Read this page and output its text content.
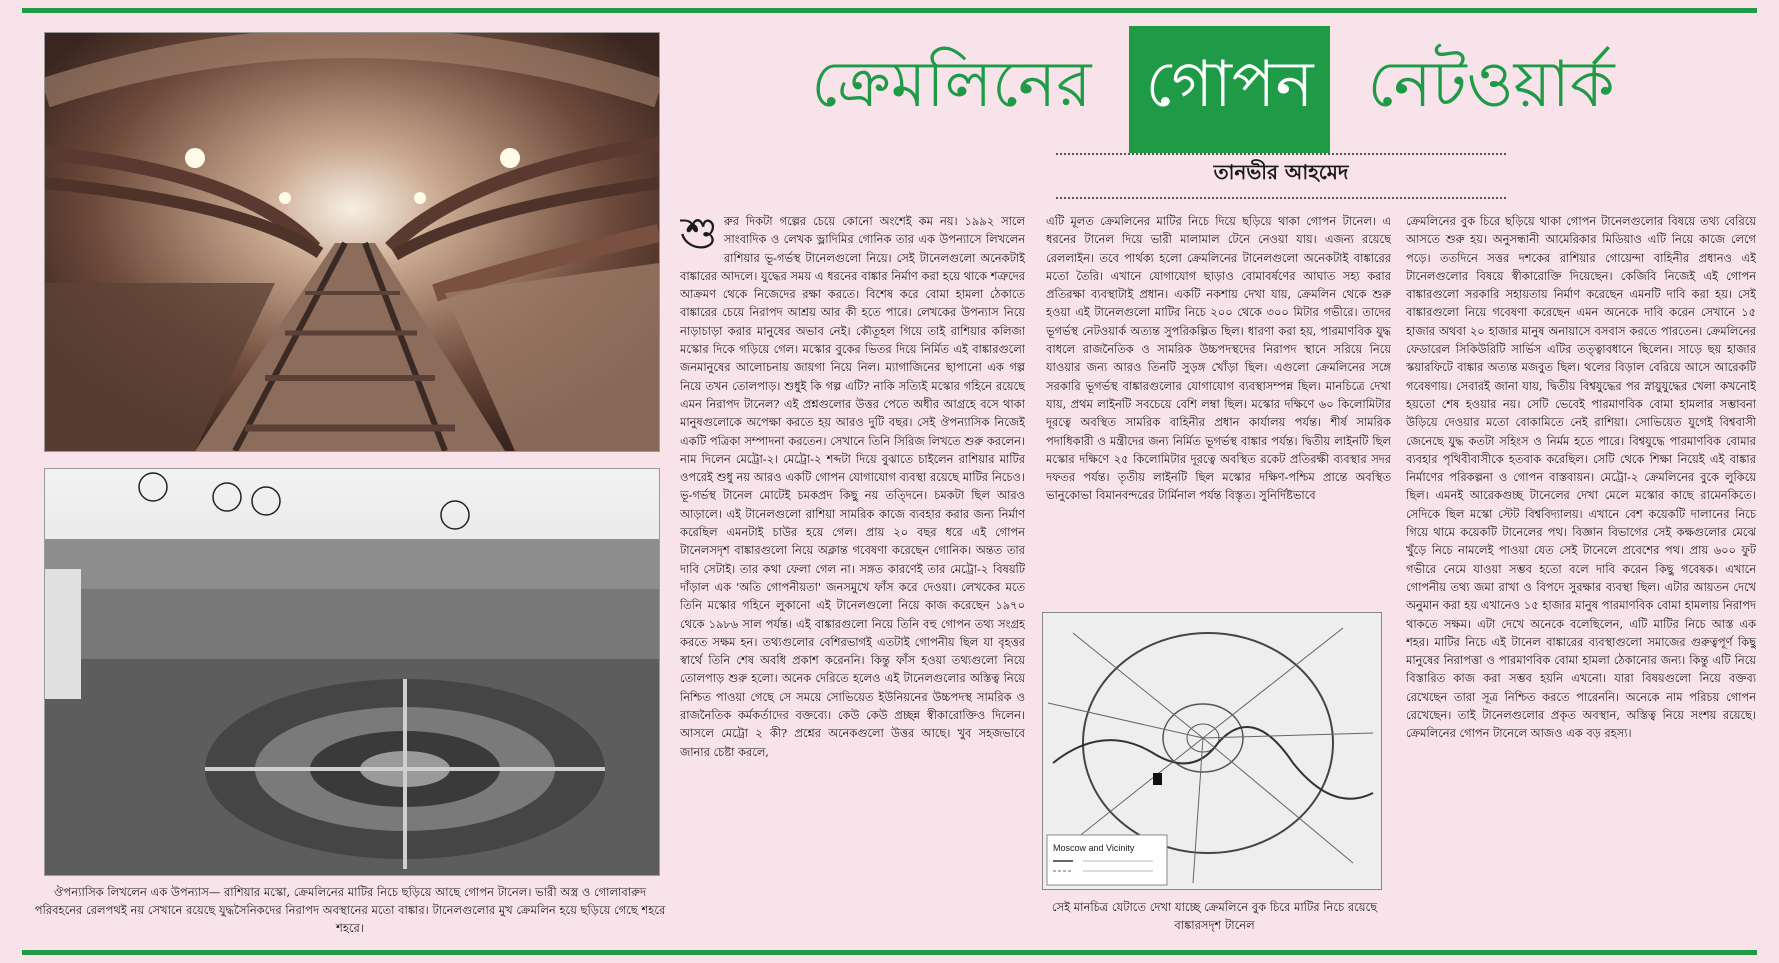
ঔপন্যাসিক লিখলেন এক উপন্যাস— রাশিয়ার মস্কো, ক্রেমলিনের মাটির নিচে ছড়িয়ে আছে গোপন টানেল। ভারী অস্ত্র ও গোলাবারুদ পরিবহনের রেলপথই নয় সেখানে রয়েছে যুদ্ধসৈনিকদের নিরাপদ অবস্থানের মতো বাঙ্কার। টানেলগুলোর মুখ ক্রেমলিন হয়ে ছড়িয়ে গেছে শহরে শহরে।
ক্রেমলিনের গোপন নেটওয়ার্ক
তানভীর আহমেদ
শুরুর দিকটা গল্পের চেয়ে কোনো অংশেই কম নয়। ১৯৯২ সালে সাংবাদিক ও লেখক ভ্লাদিমির গোনিক তার এক উপন্যাসে লিখলেন রাশিয়ার ভূ-গর্ভস্থ টানেলগুলো নিয়ে। সেই টানেলগুলো অনেকটাই বাঙ্কারের আদলে। যুদ্ধের সময় এ ধরনের বাঙ্কার নির্মাণ করা হয়ে থাকে শত্রুদের আক্রমণ থেকে নিজেদের রক্ষা করতে। বিশেষ করে বোমা হামলা ঠেকাতে বাঙ্কারের চেয়ে নিরাপদ আশ্রয় আর কী হতে পারে। লেখকের উপন্যাস নিয়ে নাড়াচাড়া করার মানুষের অভাব নেই। কৌতূহল গিয়ে তাই রাশিয়ার কলিজা মস্কোর দিকে গড়িয়ে গেল। মস্কোর বুকের ভিতর দিয়ে নির্মিত এই বাঙ্কারগুলো জনমানুষের আলোচনায় জায়গা নিয়ে নিল। ম্যাগাজিনের ছাপানো এক গল্প নিয়ে তখন তোলপাড়। শুধুই কি গল্প এটি? নাকি সত্যিই মস্কোর গহিনে রয়েছে এমন নিরাপদ টানেল? এই প্রশ্নগুলোর উত্তর পেতে অধীর আগ্রহে বসে থাকা মানুষগুলোকে অপেক্ষা করতে হয় আরও দুটি বছর। সেই ঔপন্যাসিক নিজেই একটি পত্রিকা সম্পাদনা করতেন। সেখানে তিনি সিরিজ লিখতে শুরু করলেন। নাম দিলেন মেট্রো-২। মেট্রো-২ শব্দটা দিয়ে বুঝাতে চাইলেন রাশিয়ার মাটির ওপরেই শুধু নয় আরও একটি গোপন যোগাযোগ ব্যবস্থা রয়েছে মাটির নিচেও। ভূ-গর্ভস্থ টানেল মোটেই চমকপ্রদ কিছু নয় তত্দিনে। চমকটা ছিল আরও আড়ালে। এই টানেলগুলো রাশিয়া সামরিক কাজে ব্যবহার করার জন্য নির্মাণ করেছিল এমনটাই চাউর হয়ে গেল। প্রায় ২০ বছর ধরে এই গোপন টানেলসদৃশ বাঙ্কারগুলো নিয়ে অক্লান্ত গবেষণা করেছেন গোনিক। অন্তত তার দাবি সেটাই। তার কথা ফেলা গেল না। সঙ্গত কারণেই তার মেট্রো-২ বিষয়টি দাঁড়াল এক 'অতি গোপনীয়তা' জনসমুখে ফাঁস করে দেওয়া। লেখকের মতে তিনি মস্কোর গহিনে লুকানো এই টানেলগুলো নিয়ে কাজ করেছেন ১৯৭০ থেকে ১৯৮৬ সাল পর্যন্ত। এই বাঙ্কারগুলো নিয়ে তিনি বহু গোপন তথ্য সংগ্রহ করতে সক্ষম হন। তথ্যগুলোর বেশিরভাগই এতটাই গোপনীয় ছিল যা বৃহত্তর স্বার্থে তিনি শেষ অবধি প্রকাশ করেননি। কিন্তু ফাঁস হওয়া তথ্যগুলো নিয়ে তোলপাড় শুরু হলো। অনেক দেরিতে হলেও এই টানেলগুলোর অস্তিত্ব নিয়ে নিশ্চিত পাওয়া গেছে সে সময়ে সোভিয়েত ইউনিয়নের উচ্চপদস্থ সামরিক ও রাজনৈতিক কর্মকর্তাদের বক্তব্যে। কেউ কেউ প্রচ্ছন্ন স্বীকারোক্তিও দিলেন। আসলে মেট্রো ২ কী? প্রশ্নের অনেকগুলো উত্তর আছে। খুব সহজভাবে জানার চেষ্টা করলে,
এটি মূলত ক্রেমলিনের মাটির নিচে দিয়ে ছড়িয়ে থাকা গোপন টানেল। এ ধরনের টানেল দিয়ে ভারী মালামাল টেনে নেওয়া যায়। এজন্য রয়েছে রেললাইন। তবে পার্থক্য হলো ক্রেমলিনের টানেলগুলো অনেকটাই বাঙ্কারের মতো তৈরি। এখানে যোগাযোগ ছাড়াও বোমাবর্ষণের আঘাত সহ্য করার প্রতিরক্ষা ব্যবস্থাটাই প্রধান। একটি নকশায় দেখা যায়, ক্রেমলিন থেকে শুরু হওয়া এই টানেলগুলো মাটির নিচে ২০০ থেকে ৩০০ মিটার গভীরে। তাদের ভূগর্ভস্থ নেটওয়ার্ক অত্যন্ত সুপরিকল্পিত ছিল। ধারণা করা হয়, পারমাণবিক যুদ্ধ বাধলে রাজনৈতিক ও সামরিক উচ্চপদস্থদের নিরাপদ স্থানে সরিয়ে নিয়ে যাওয়ার জন্য আরও তিনটি সুড়ঙ্গ খোঁড়া ছিল। এগুলো ক্রেমলিনের সঙ্গে সরকারি ভূগর্ভস্থ বাঙ্কারগুলোর যোগাযোগ ব্যবস্থাসম্পন্ন ছিল। মানচিত্রে দেখা যায়, প্রথম লাইনটি সবচেয়ে বেশি লম্বা ছিল। মস্কোর দক্ষিণে ৬০ কিলোমিটার দূরত্বে অবস্থিত সামরিক বাহিনীর প্রধান কার্যালয় পর্যন্ত। শীর্ষ সামরিক পদাধিকারী ও মন্ত্রীদের জন্য নির্মিত ভূগর্ভস্থ বাঙ্কার পর্যন্ত। দ্বিতীয় লাইনটি ছিল মস্কোর দক্ষিণে ২৫ কিলোমিটার দূরত্বে অবস্থিত রকেট প্রতিরক্ষী ব্যবস্থার সদর দফতর পর্যন্ত। তৃতীয় লাইনটি ছিল মস্কোর দক্ষিণ-পশ্চিম প্রান্তে অবস্থিত ভানুকোভা বিমানবন্দরের টার্মিনাল পর্যন্ত বিস্তৃত। সুনির্দিষ্টভাবে
ক্রেমলিনের বুক চিরে ছড়িয়ে থাকা গোপন টানেলগুলোর বিষয়ে তথ্য বেরিয়ে আসতে শুরু হয়। অনুসন্ধানী আমেরিকার মিডিয়াও এটি নিয়ে কাজে লেগে পড়ে। ততদিনে সত্তর দশকের রাশিয়ার গোয়েন্দা বাহিনীর প্রধানও এই টানেলগুলোর বিষয়ে স্বীকারোক্তি দিয়েছেন। কেজিবি নিজেই এই গোপন বাঙ্কারগুলো সরকারি সহায়তায় নির্মাণ করেছেন এমনটি দাবি করা হয়। সেই বাঙ্কারগুলো নিয়ে গবেষণা করেছেন এমন অনেকে দাবি করেন সেখানে ১৫ হাজার অথবা ২০ হাজার মানুষ অনায়াসে বসবাস করতে পারতেন। ক্রেমলিনের ফেডারেল সিকিউরিটি সার্ভিস এটির তত্ত্বাবধানে ছিলেন। সাড়ে ছয় হাজার স্কয়ারফিটে বাঙ্কার অত্যন্ত মজবুত ছিল। থলের বিড়াল বেরিয়ে আসে আরেকটি গবেষণায়। সেবারই জানা যায়, দ্বিতীয় বিশ্বযুদ্ধের পর স্নায়ুযুদ্ধের খেলা কখনোই হয়তো শেষ হওয়ার নয়। সেটি ভেবেই পারমাণবিক বোমা হামলার সম্ভাবনা উড়িয়ে দেওয়ার মতো বোকামিতে নেই রাশিয়া। সোভিয়েত যুগেই বিশ্ববাসী জেনেছে যুদ্ধ কতটা সহিংস ও নির্মম হতে পারে। বিশ্বযুদ্ধে পারমাণবিক বোমার ব্যবহার পৃথিবীবাসীকে হতবাক করেছিল। সেটি থেকে শিক্ষা নিয়েই এই বাঙ্কার নির্মাণের পরিকল্পনা ও গোপন বাস্তবায়ন। মেট্রো-২ ক্রেমলিনের বুকে লুকিয়ে ছিল। এমনই আরেকগুচ্ছ টানেলের দেখা মেলে মস্কোর কাছে রামেনকিতে। সেদিকে ছিল মস্কো স্টেট বিশ্ববিদ্যালয়। এখানে বেশ কয়েকটি দালানের নিচে গিয়ে থামে কয়েকটি টানেলের পথ। বিজ্ঞান বিভাগের সেই কক্ষগুলোর মেঝে খুঁড়ে নিচে নামলেই পাওয়া যেত সেই টানেলে প্রবেশের পথ। প্রায় ৬০০ ফুট গভীরে নেমে যাওয়া সম্ভব হতো বলে দাবি করেন কিছু গবেষক। এখানে গোপনীয় তথ্য জমা রাখা ও বিপদে সুরক্ষার ব্যবস্থা ছিল। এটার আয়তন দেখে অনুমান করা হয় এখানেও ১৫ হাজার মানুষ পারমাণবিক বোমা হামলায় নিরাপদ থাকতে সক্ষম। এটা দেখে অনেকে বলেছিলেন, এটি মাটির নিচে আস্ত এক শহর। মাটির নিচে এই টানেল বাঙ্কারের ব্যবস্থাগুলো সমাজের গুরুত্বপূর্ণ কিছু মানুষের নিরাপত্তা ও পারমাণবিক বোমা হামলা ঠেকানোর জন্য। কিন্তু এটি নিয়ে বিস্তারিত কাজ করা সম্ভব হয়নি এখনো। যারা বিষয়গুলো নিয়ে বক্তব্য রেখেছেন তারা সূত্র নিশ্চিত করতে পারেননি। অনেকে নাম পরিচয় গোপন রেখেছেন। তাই টানেলগুলোর প্রকৃত অবস্থান, অস্তিত্ব নিয়ে সংশয় রয়েছে। ক্রেমলিনের গোপন টানেলে আজও এক বড় রহস্য।
Moscow and Vicinity
সেই মানচিত্র যেটাতে দেখা যাচ্ছে ক্রেমলিনে বুক চিরে মাটির নিচে রয়েছে বাঙ্কারসদৃশ টানেল
